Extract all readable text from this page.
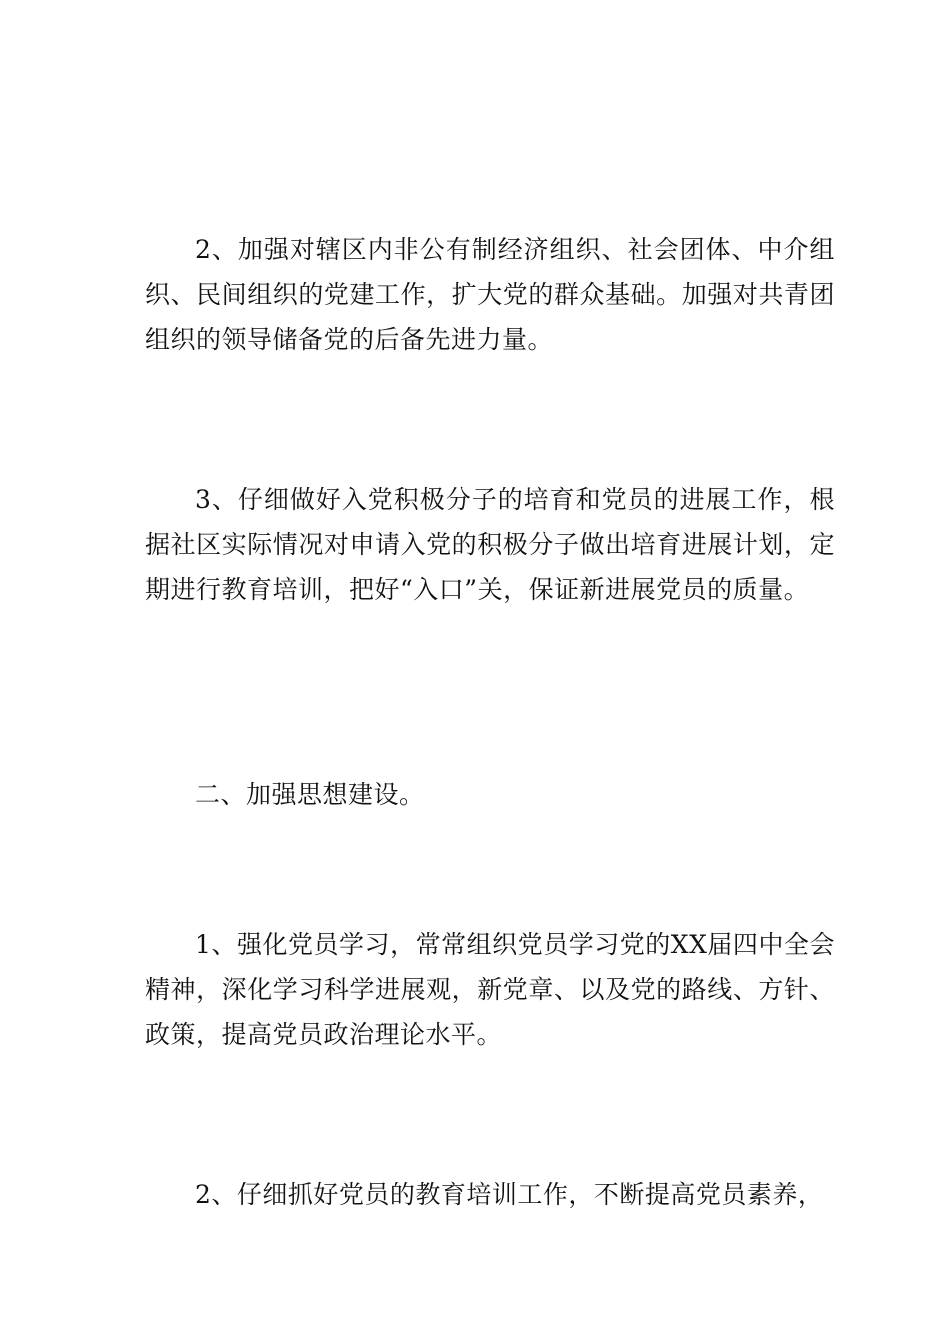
2、加强对辖区内非公有制经济组织、社会团体、中介组织、民间组织的党建工作，扩大党的群众基础。加强对共青团组织的领导储备党的后备先进力量。

3、仔细做好入党积极分子的培育和党员的进展工作，根据社区实际情况对申请入党的积极分子做出培育进展计划，定期进行教育培训，把好“入口”关，保证新进展党员的质量。

二、加强思想建设。

1、强化党员学习，常常组织党员学习党的XX届四中全会精神，深化学习科学进展观，新党章、以及党的路线、方针、政策，提高党员政治理论水平。

2、仔细抓好党员的教育培训工作，不断提高党员素养，
